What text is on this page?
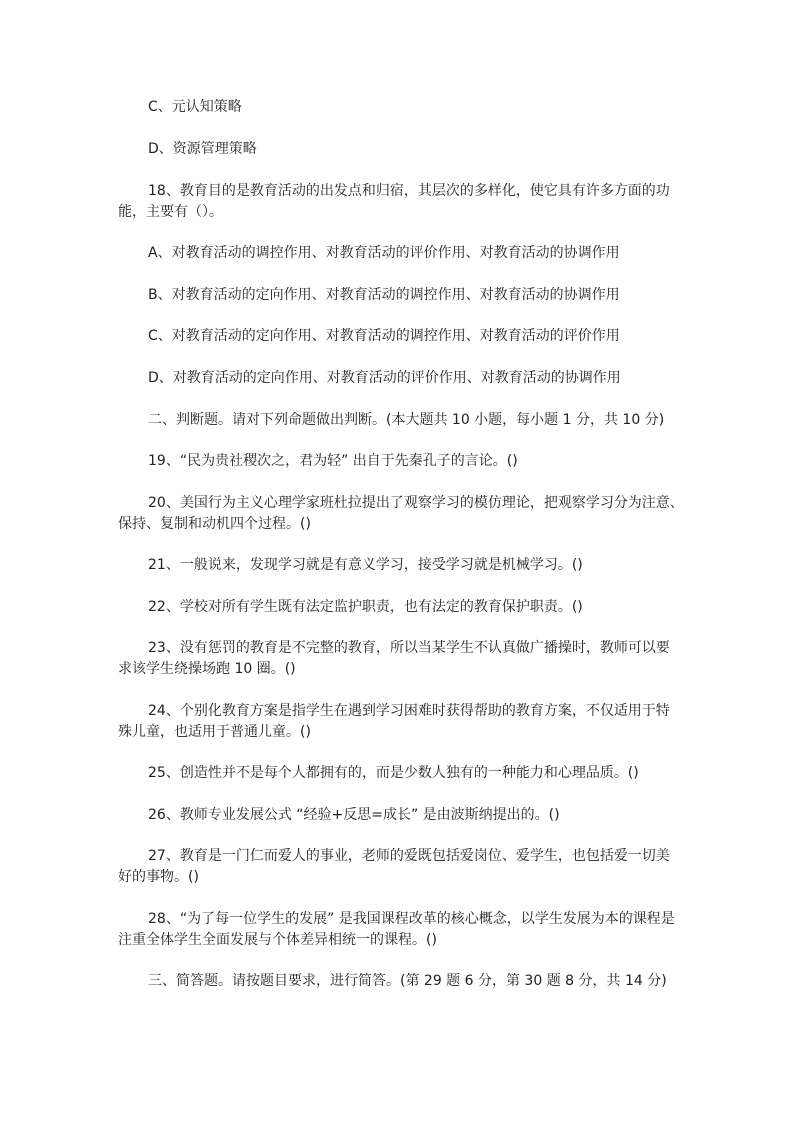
C、元认知策略

D、资源管理策略

18、教育目的是教育活动的出发点和归宿，其层次的多样化，使它具有许多方面的功

能，主要有（）。

A、对教育活动的调控作用、对教育活动的评价作用、对教育活动的协调作用

B、对教育活动的定向作用、对教育活动的调控作用、对教育活动的协调作用

C、对教育活动的定向作用、对教育活动的调控作用、对教育活动的评价作用

D、对教育活动的定向作用、对教育活动的评价作用、对教育活动的协调作用

二、判断题。请对下列命题做出判断。(本大题共 10 小题，每小题 1 分，共 10 分)

19、“民为贵社稷次之，君为轻” 出自于先秦孔子的言论。()

20、美国行为主义心理学家班杜拉提出了观察学习的模仿理论，把观察学习分为注意、

保持、复制和动机四个过程。()

21、一般说来，发现学习就是有意义学习，接受学习就是机械学习。()

22、学校对所有学生既有法定监护职责，也有法定的教育保护职责。()

23、没有惩罚的教育是不完整的教育，所以当某学生不认真做广播操时，教师可以要

求该学生绕操场跑 10 圈。()

24、个别化教育方案是指学生在遇到学习困难时获得帮助的教育方案，不仅适用于特

殊儿童，也适用于普通儿童。()

25、创造性并不是每个人都拥有的，而是少数人独有的一种能力和心理品质。()

26、教师专业发展公式 “经验+反思=成长” 是由波斯纳提出的。()

27、教育是一门仁而爱人的事业，老师的爱既包括爱岗位、爱学生，也包括爱一切美

好的事物。()

28、“为了每一位学生的发展” 是我国课程改革的核心概念，以学生发展为本的课程是

注重全体学生全面发展与个体差异相统一的课程。()

三、简答题。请按题目要求，进行简答。(第 29 题 6 分，第 30 题 8 分，共 14 分)
